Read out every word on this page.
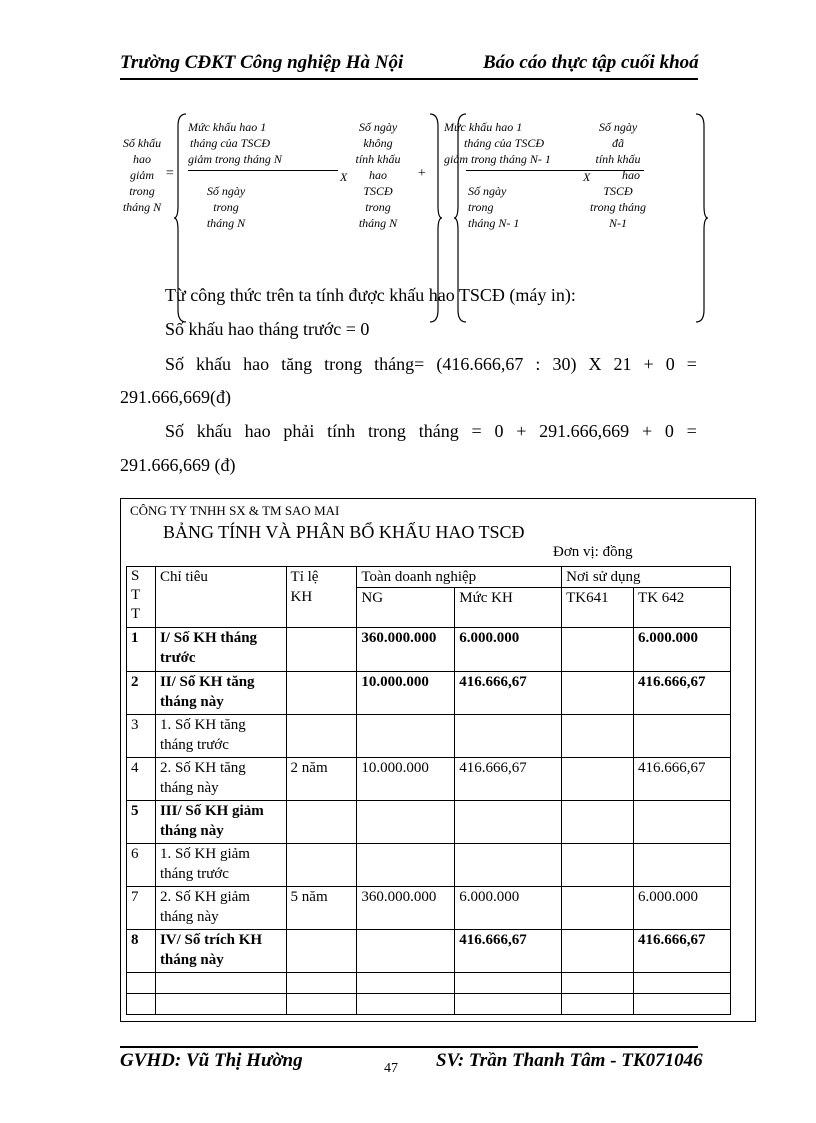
Trường CĐKT Công nghiệp Hà Nội	Báo cáo thực tập cuối khoá
Số khấu
hao
giảm
trong
tháng N
=
Mức khấu hao 1
tháng của TSCĐ
giảm trong tháng N
Số ngày
trong
tháng N
X
Số ngày
không
tính khấu
hao
TSCĐ
trong
tháng N
+
Mức khấu hao 1
tháng của TSCĐ
giảm trong tháng N- 1
Số ngày
trong
tháng N- 1
X
Số ngày
đã
tính khấu
hao
TSCĐ
trong tháng
N-1
Từ công thức trên ta tính được khấu hao TSCĐ (máy in):
Số khấu hao tháng trước = 0
Số khấu hao tăng trong tháng= (416.666,67 : 30) X 21 + 0 =
291.666,669(đ)
Số khấu hao phải tính trong tháng = 0 + 291.666,669 + 0 =
291.666,669 (đ)
CÔNG TY TNHH SX & TM SAO MAI
BẢNG TÍNH VÀ PHÂN BỔ KHẤU HAO TSCĐ
Đơn vị: đồng
S T T	Chỉ tiêu	Tỉ lệ KH	Toàn doanh nghiệp		Nơi sử dụng	
			NG	Mức KH	TK641	TK 642
1	I/ Số KH tháng trước		360.000.000	6.000.000		6.000.000
2	II/ Số KH tăng tháng này		10.000.000	416.666,67		416.666,67
3	1. Số KH tăng tháng trước					
4	2. Số KH tăng tháng này	2 năm	10.000.000	416.666,67		416.666,67
5	III/ Số KH giảm tháng này					
6	1. Số KH giảm tháng trước					
7	2. Số KH giảm tháng này	5 năm	360.000.000	6.000.000		6.000.000
8	IV/ Số trích KH tháng này			416.666,67		416.666,67

GVHD: Vũ Thị Hường	47 SV: Trần Thanh Tâm - TK071046
